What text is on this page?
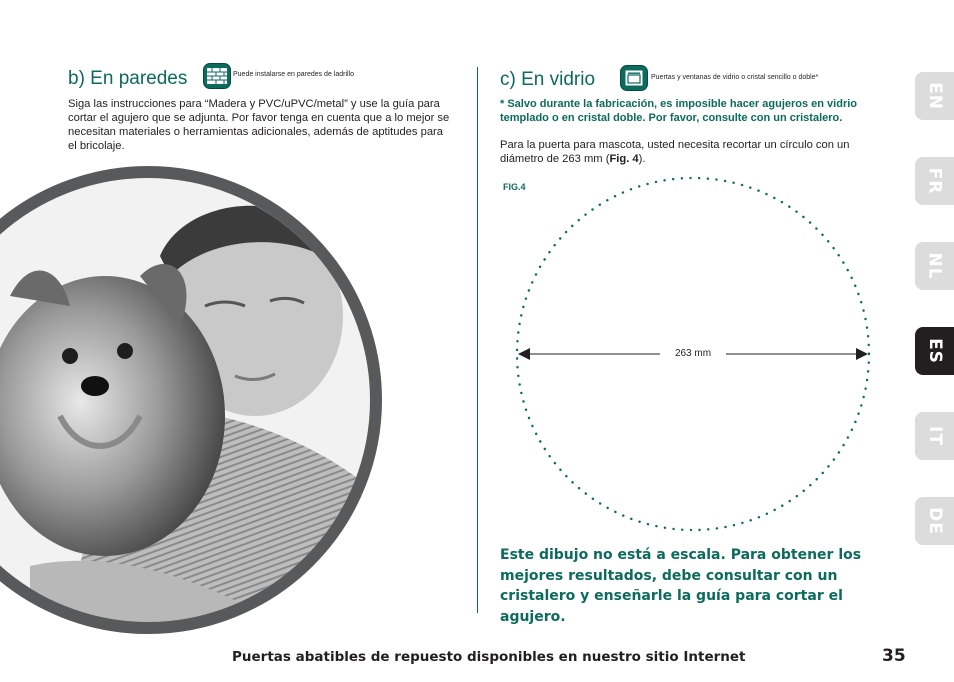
b) En paredes	Puede instalarse en paredes de ladrillo
Siga las instrucciones para “Madera y PVC/uPVC/metal” y use la guía para cortar el agujero que se adjunta. Por favor tenga en cuenta que a lo mejor se necesitan materiales o herramientas adicionales, además de aptitudes para el bricolaje.
c) En vidrio	Puertas y ventanas de vidrio o cristal sencillo o doble*
* Salvo durante la fabricación, es imposible hacer agujeros en vidrio templado o en cristal doble. Por favor, consulte con un cristalero.
Para la puerta para mascota, usted necesita recortar un círculo con un diámetro de 263 mm (Fig. 4).
FIG.4
263 mm
Este dibujo no está a escala. Para obtener los mejores resultados, debe consultar con un cristalero y enseñarle la guía para cortar el agujero.
EN
FR
NL
ES
IT
DE
Puertas abatibles de repuesto disponibles en nuestro sitio Internet	35
